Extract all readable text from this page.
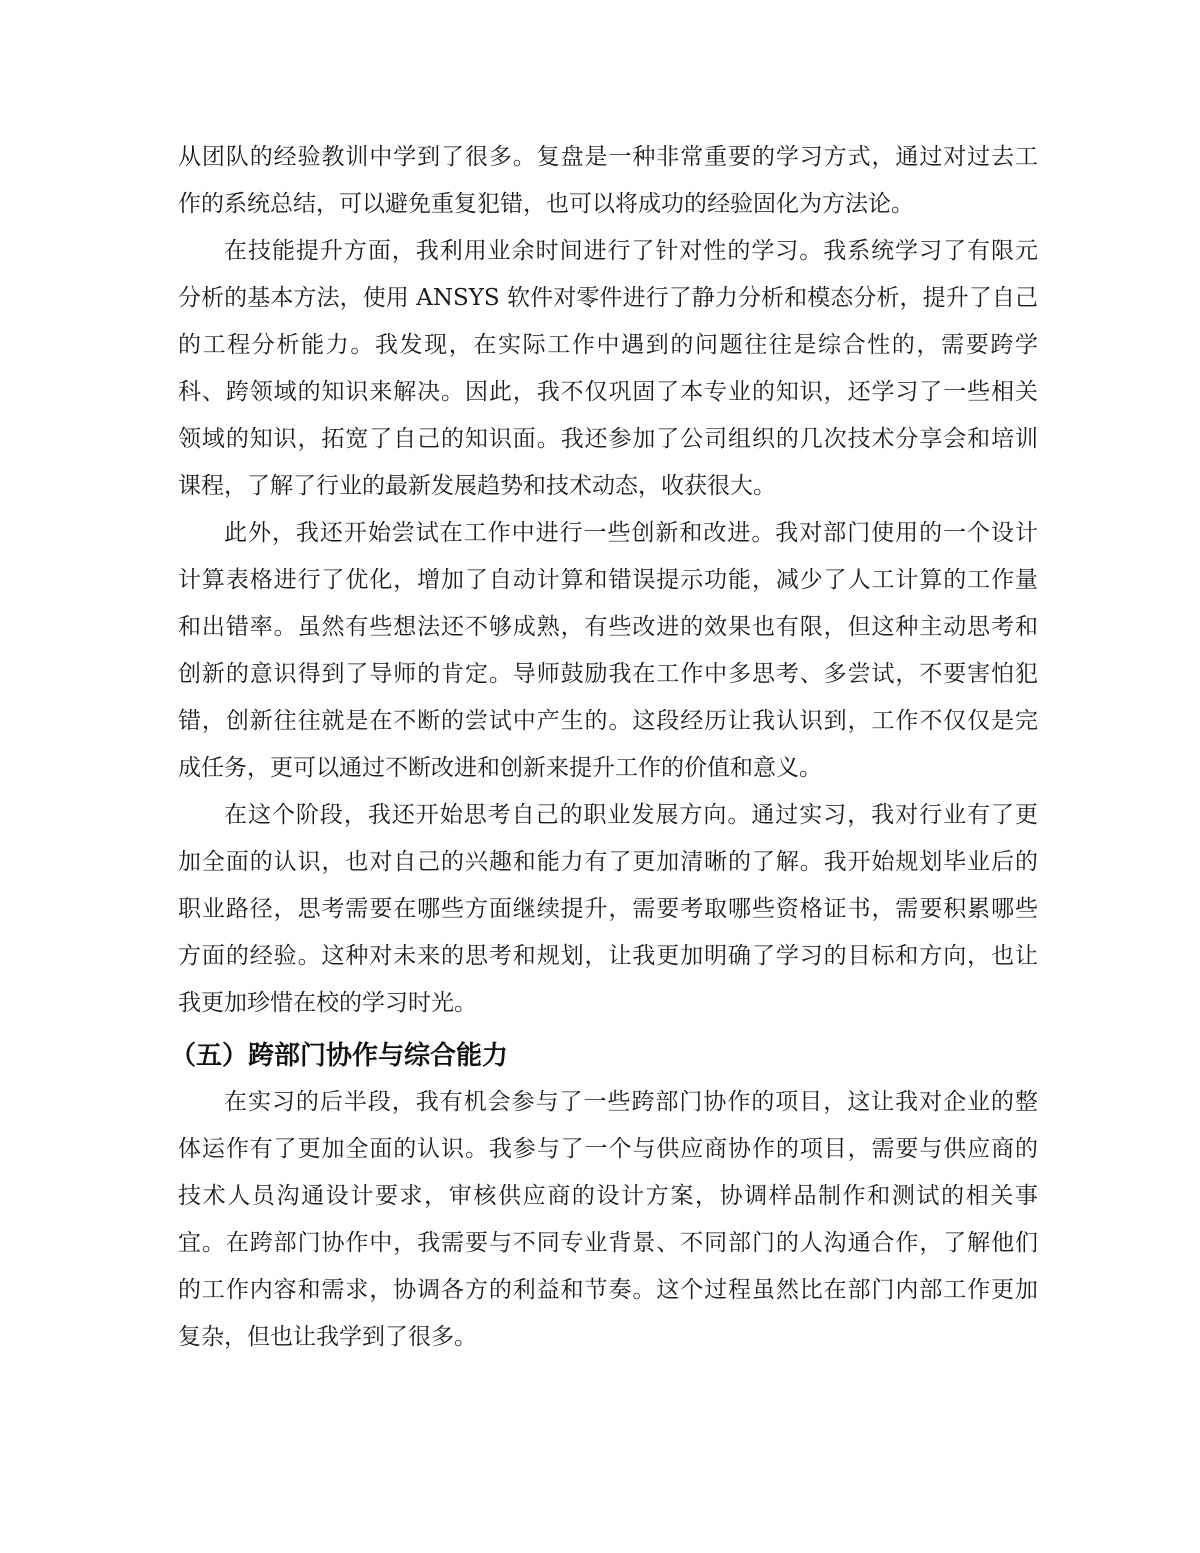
从团队的经验教训中学到了很多。复盘是一种非常重要的学习方式，通过对过去工
作的系统总结，可以避免重复犯错，也可以将成功的经验固化为方法论。
在技能提升方面，我利用业余时间进行了针对性的学习。我系统学习了有限元
分析的基本方法，使用 ANSYS 软件对零件进行了静力分析和模态分析，提升了自己
的工程分析能力。我发现，在实际工作中遇到的问题往往是综合性的，需要跨学
科、跨领域的知识来解决。因此，我不仅巩固了本专业的知识，还学习了一些相关
领域的知识，拓宽了自己的知识面。我还参加了公司组织的几次技术分享会和培训
课程，了解了行业的最新发展趋势和技术动态，收获很大。
此外，我还开始尝试在工作中进行一些创新和改进。我对部门使用的一个设计
计算表格进行了优化，增加了自动计算和错误提示功能，减少了人工计算的工作量
和出错率。虽然有些想法还不够成熟，有些改进的效果也有限，但这种主动思考和
创新的意识得到了导师的肯定。导师鼓励我在工作中多思考、多尝试，不要害怕犯
错，创新往往就是在不断的尝试中产生的。这段经历让我认识到，工作不仅仅是完
成任务，更可以通过不断改进和创新来提升工作的价值和意义。
在这个阶段，我还开始思考自己的职业发展方向。通过实习，我对行业有了更
加全面的认识，也对自己的兴趣和能力有了更加清晰的了解。我开始规划毕业后的
职业路径，思考需要在哪些方面继续提升，需要考取哪些资格证书，需要积累哪些
方面的经验。这种对未来的思考和规划，让我更加明确了学习的目标和方向，也让
我更加珍惜在校的学习时光。
（五）跨部门协作与综合能力
在实习的后半段，我有机会参与了一些跨部门协作的项目，这让我对企业的整
体运作有了更加全面的认识。我参与了一个与供应商协作的项目，需要与供应商的
技术人员沟通设计要求，审核供应商的设计方案，协调样品制作和测试的相关事
宜。在跨部门协作中，我需要与不同专业背景、不同部门的人沟通合作，了解他们
的工作内容和需求，协调各方的利益和节奏。这个过程虽然比在部门内部工作更加
复杂，但也让我学到了很多。
